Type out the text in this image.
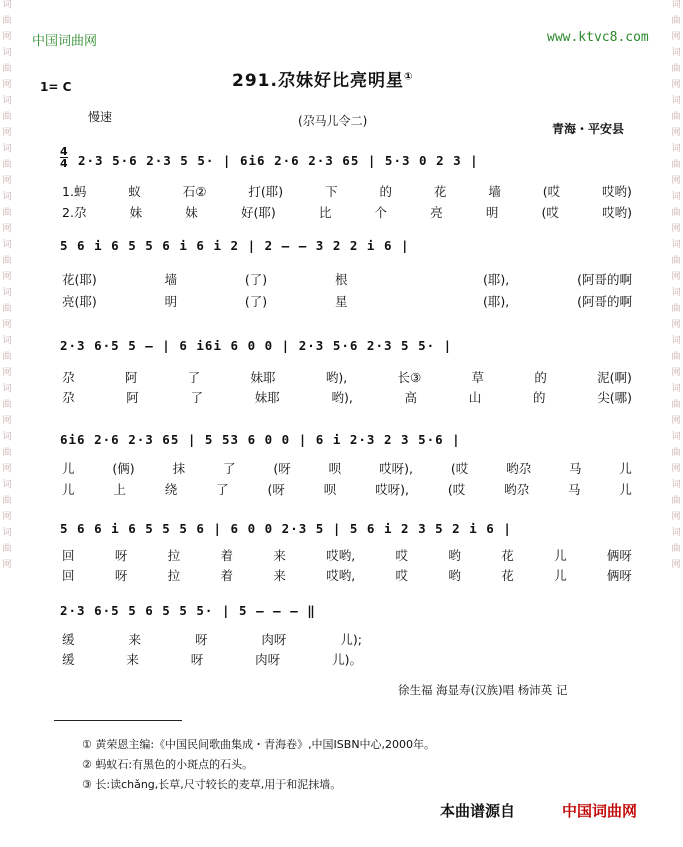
词
曲
网
词
曲
网
词
曲
网
词
曲
网
词
曲
网
词
曲
网
词
曲
网
词
曲
网
词
曲
网
词
曲
网
词
曲
网
词
曲
网
词
曲
网
词
曲
网
词
曲
网
词
曲
网
词
曲
网
词
曲
网
词
曲
网
词
曲
网
词
曲
网
词
曲
网
词
曲
网
词
曲
网
中国词曲网	www.ktvc8.com
291.尕妹好比亮明星①
1= C
慢速	(尕马儿令二)
青海・平安县
4
4 2·3 5·6 2·3 5 5· | 6i6 2·6 2·3 65 | 5·3 0 2 3 |
1.蚂	蚁	石②	打(耶)	下	的	花	墙	(哎	哎哟)
2.尕	妹	妹	好(耶)	比	个	亮	明	(哎	哎哟)
5 6 i 6 5 5 6 i 6 i 2 | 2 — — 3 2 2 i 6 |
花(耶)	墙	(了)	根	(耶),	(阿哥的啊
亮(耶)	明	(了)	星	(耶),	(阿哥的啊
2·3 6·5 5 — | 6 i6i 6 0 0 | 2·3 5·6 2·3 5 5· |
尕	阿	了	妹耶	哟),	长③	草	的	泥(啊)
尕	阿	了	妹耶	哟),	高	山	的	尖(哪)
6i6 2·6 2·3 65 | 5 53 6 0 0 | 6 i 2·3 2 3 5·6 |
儿	(俩)	抹	了	(呀	呗	哎呀),	(哎	哟尕	马	儿
儿	上	绕	了	(呀	呗	哎呀),	(哎	哟尕	马	儿
5 6 6 i 6 5 5 5 6 | 6 0 0 2·3 5 | 5 6 i 2 3 5 2 i 6 |
回	呀	拉	着	来	哎哟,	哎	哟	花	儿	俩呀
回	呀	拉	着	来	哎哟,	哎	哟	花	儿	俩呀
2·3 6·5 5 6 5 5 5· | 5 — — — ‖
缓	来	呀	肉呀	儿);
缓	来	呀	肉呀	儿)。
徐生福 海显寿(汉族)唱 杨沛英 记
① 黄荣恩主编:《中国民间歌曲集成・青海卷》,中国ISBN中心,2000年。
② 蚂蚁石:有黑色的小斑点的石头。
③ 长:读chǎng,长草,尺寸较长的麦草,用于和泥抹墙。
本曲谱源自	中国词曲网
